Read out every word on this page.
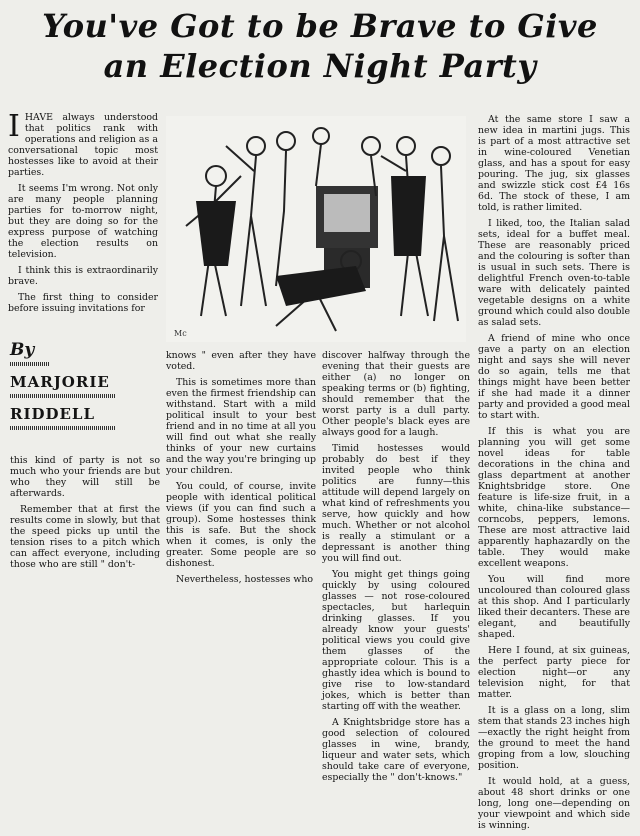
You've Got to be Brave to Give
an Election Night Party

IHAVE always understood that politics rank with operations and religion as a conversational topic most hostesses like to avoid at their parties.

It seems I'm wrong. Not only are many people planning parties for to-morrow night, but they are doing so for the express purpose of watching the election results on television.

I think this is extraordinarily brave.

The first thing to consider before issuing invitations for

Mc
By
MARJORIE
RIDDELL

this kind of party is not so much who your friends are but who they will still be afterwards.

Remember that at first the results come in slowly, but that the speed picks up until the tension rises to a pitch which can affect everyone, including those who are still " don't-

knows " even after they have voted.

This is sometimes more than even the firmest friendship can withstand. Start with a mild political insult to your best friend and in no time at all you will find out what she really thinks of your new curtains and the way you're bringing up your children.

You could, of course, invite people with identical political views (if you can find such a group). Some hostesses think this is safe. But the shock when it comes, is only the greater. Some people are so dishonest.

Nevertheless, hostesses who

discover halfway through the evening that their guests are either (a) no longer on speaking terms or (b) fighting, should remember that the worst party is a dull party. Other people's black eyes are always good for a laugh.

Timid hostesses would probably do best if they invited people who think politics are funny—this attitude will depend largely on what kind of refreshments you serve, how quickly and how much. Whether or not alcohol is really a stimulant or a depressant is another thing you will find out.

You might get things going quickly by using coloured glasses — not rose-coloured spectacles, but harlequin drinking glasses. If you already know your guests' political views you could give them glasses of the appropriate colour. This is a ghastly idea which is bound to give rise to low-standard jokes, which is better than starting off with the weather.

A Knightsbridge store has a good selection of coloured glasses in wine, brandy, liqueur and water sets, which should take care of everyone, especially the " don't-knows."

At the same store I saw a new idea in martini jugs. This is part of a most attractive set in wine-coloured Venetian glass, and has a spout for easy pouring. The jug, six glasses and swizzle stick cost £4 16s 6d. The stock of these, I am told, is rather limited.

I liked, too, the Italian salad sets, ideal for a buffet meal. These are reasonably priced and the colouring is softer than is usual in such sets. There is delightful French oven-to-table ware with delicately painted vegetable designs on a white ground which could also double as salad sets.

A friend of mine who once gave a party on an election night and says she will never do so again, tells me that things might have been better if she had made it a dinner party and provided a good meal to start with.

If this is what you are planning you will get some novel ideas for table decorations in the china and glass department at another Knightsbridge store. One feature is life-size fruit, in a white, china-like substance—corncobs, peppers, lemons. These are most attractive laid apparently haphazardly on the table. They would make excellent weapons.

You will find more uncoloured than coloured glass at this shop. And I particularly liked their decanters. These are elegant, and beautifully shaped.

Here I found, at six guineas, the perfect party piece for election night—or any television night, for that matter.

It is a glass on a long, slim stem that stands 23 inches high —exactly the right height from the ground to meet the hand groping from a low, slouching position.

It would hold, at a guess, about 48 short drinks or one long, long one—depending on your viewpoint and which side is winning.
